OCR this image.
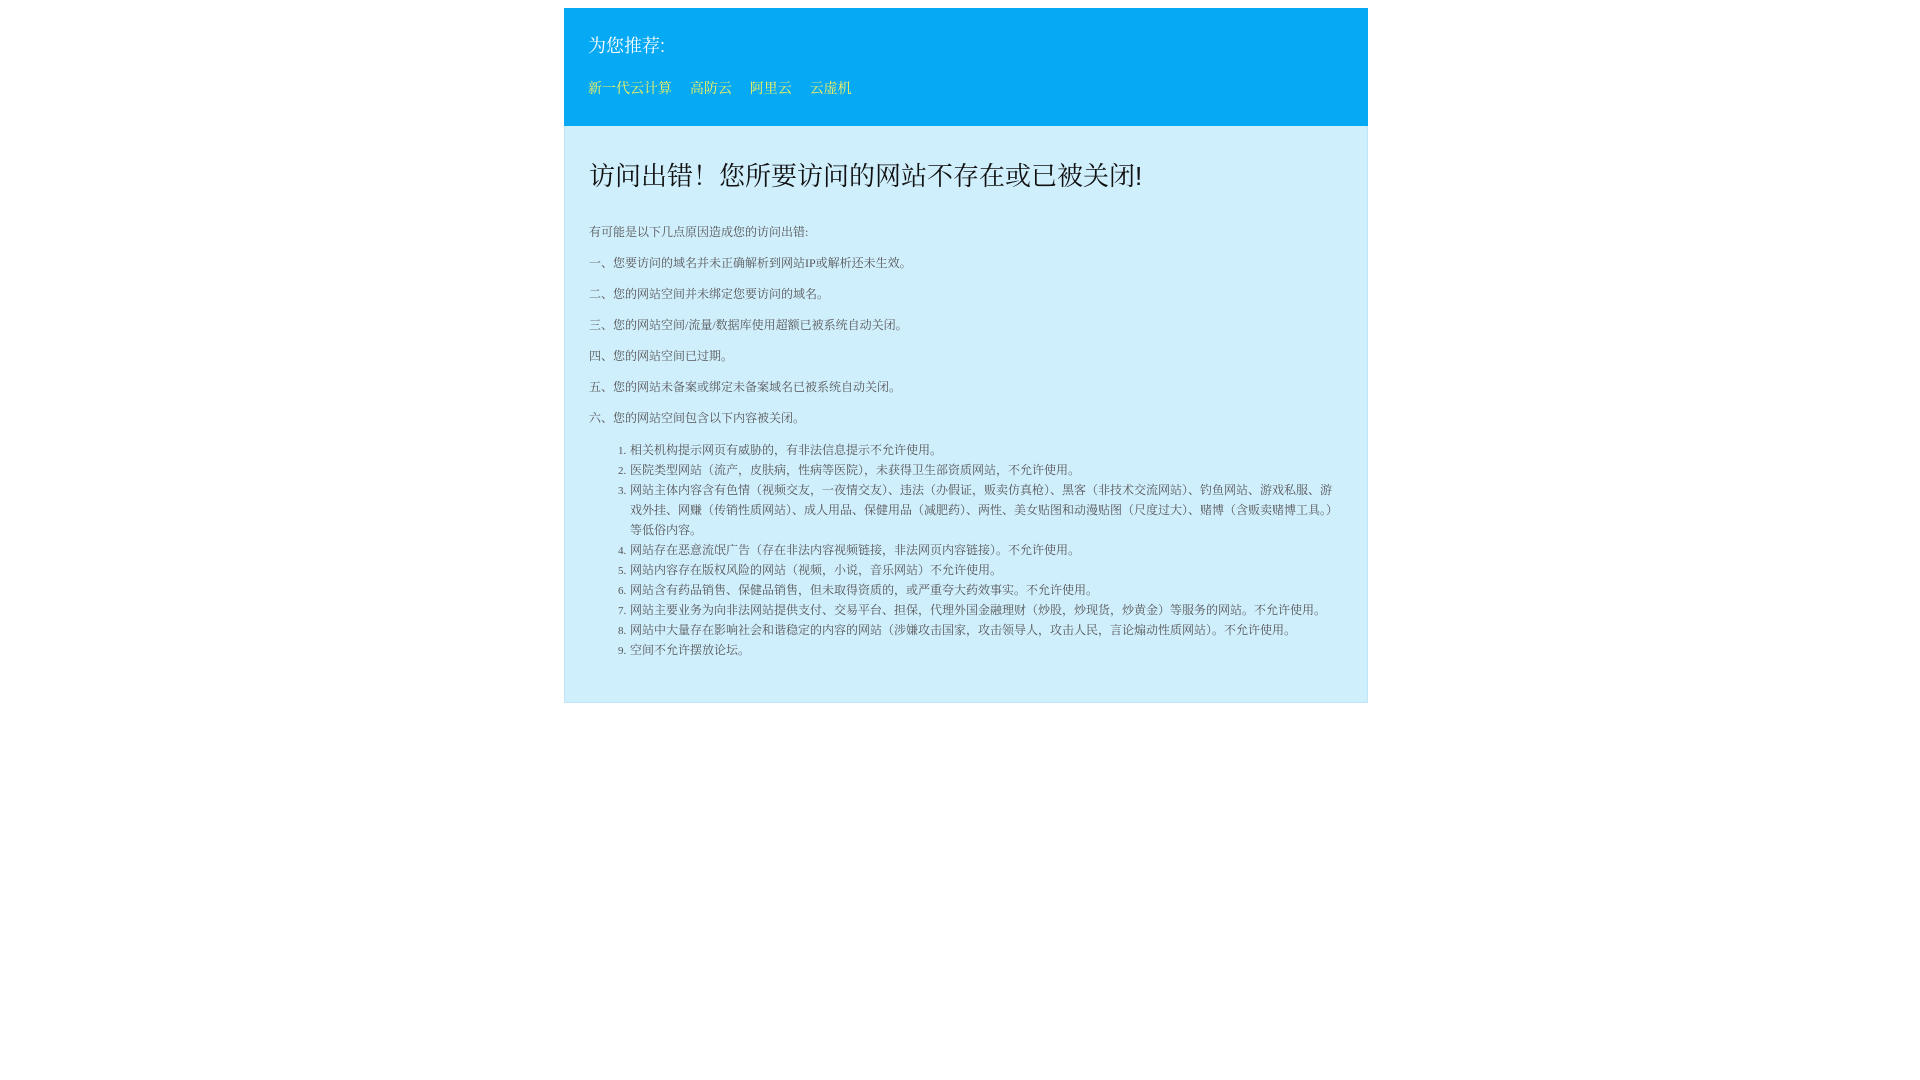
为您推荐:
新一代云计算 高防云 阿里云 云虚机
访问出错！您所要访问的网站不存在或已被关闭!

有可能是以下几点原因造成您的访问出错:

一、您要访问的域名并未正确解析到网站IP或解析还未生效。
二、您的网站空间并未绑定您要访问的域名。
三、您的网站空间/流量/数据库使用超额已被系统自动关闭。
四、您的网站空间已过期。
五、您的网站未备案或绑定未备案域名已被系统自动关闭。
六、您的网站空间包含以下内容被关闭。
1. 相关机构提示网页有威胁的，有非法信息提示不允许使用。
2. 医院类型网站（流产，皮肤病，性病等医院），未获得卫生部资质网站，不允许使用。
3. 网站主体内容含有色情（视频交友，一夜情交友）、违法（办假证，贩卖仿真枪）、黑客（非技术交流网站）、钓鱼网站、游戏私服、游戏外挂、网赚（传销性质网站）、成人用品、保健用品（减肥药）、两性、美女贴图和动漫贴图（尺度过大）、赌博（含贩卖赌博工具。）等低俗内容。
4. 网站存在恶意流氓广告（存在非法内容视频链接，非法网页内容链接）。不允许使用。
5. 网站内容存在版权风险的网站（视频，小说，音乐网站）不允许使用。
6. 网站含有药品销售、保健品销售，但未取得资质的，或严重夸大药效事实。不允许使用。
7. 网站主要业务为向非法网站提供支付、交易平台、担保，代理外国金融理财（炒股，炒现货，炒黄金）等服务的网站。不允许使用。
8. 网站中大量存在影响社会和谐稳定的内容的网站（涉嫌攻击国家，攻击领导人，攻击人民，言论煽动性质网站）。不允许使用。
9. 空间不允许摆放论坛。
